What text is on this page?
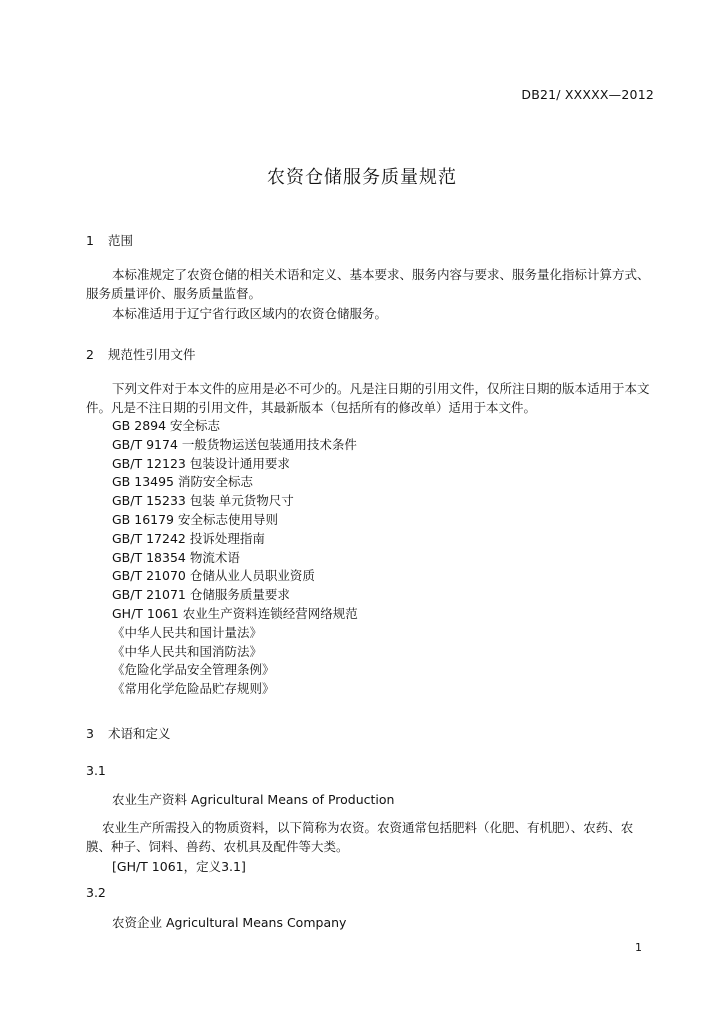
DB21/ XXXXX—2012
农资仓储服务质量规范
1 范围
本标准规定了农资仓储的相关术语和定义、基本要求、服务内容与要求、服务量化指标计算方式、服务质量评价、服务质量监督。
本标准适用于辽宁省行政区域内的农资仓储服务。
2 规范性引用文件
下列文件对于本文件的应用是必不可少的。凡是注日期的引用文件，仅所注日期的版本适用于本文件。凡是不注日期的引用文件，其最新版本（包括所有的修改单）适用于本文件。
GB 2894 安全标志
GB/T 9174 一般货物运送包装通用技术条件
GB/T 12123 包装设计通用要求
GB 13495 消防安全标志
GB/T 15233 包装 单元货物尺寸
GB 16179 安全标志使用导则
GB/T 17242 投诉处理指南
GB/T 18354 物流术语
GB/T 21070 仓储从业人员职业资质
GB/T 21071 仓储服务质量要求
GH/T 1061 农业生产资料连锁经营网络规范
《中华人民共和国计量法》
《中华人民共和国消防法》
《危险化学品安全管理条例》
《常用化学危险品贮存规则》
3 术语和定义
3.1
农业生产资料 Agricultural Means of Production
农业生产所需投入的物质资料，以下简称为农资。农资通常包括肥料（化肥、有机肥）、农药、农膜、种子、饲料、兽药、农机具及配件等大类。
[GH/T 1061，定义3.1]
3.2
农资企业 Agricultural Means Company
1
